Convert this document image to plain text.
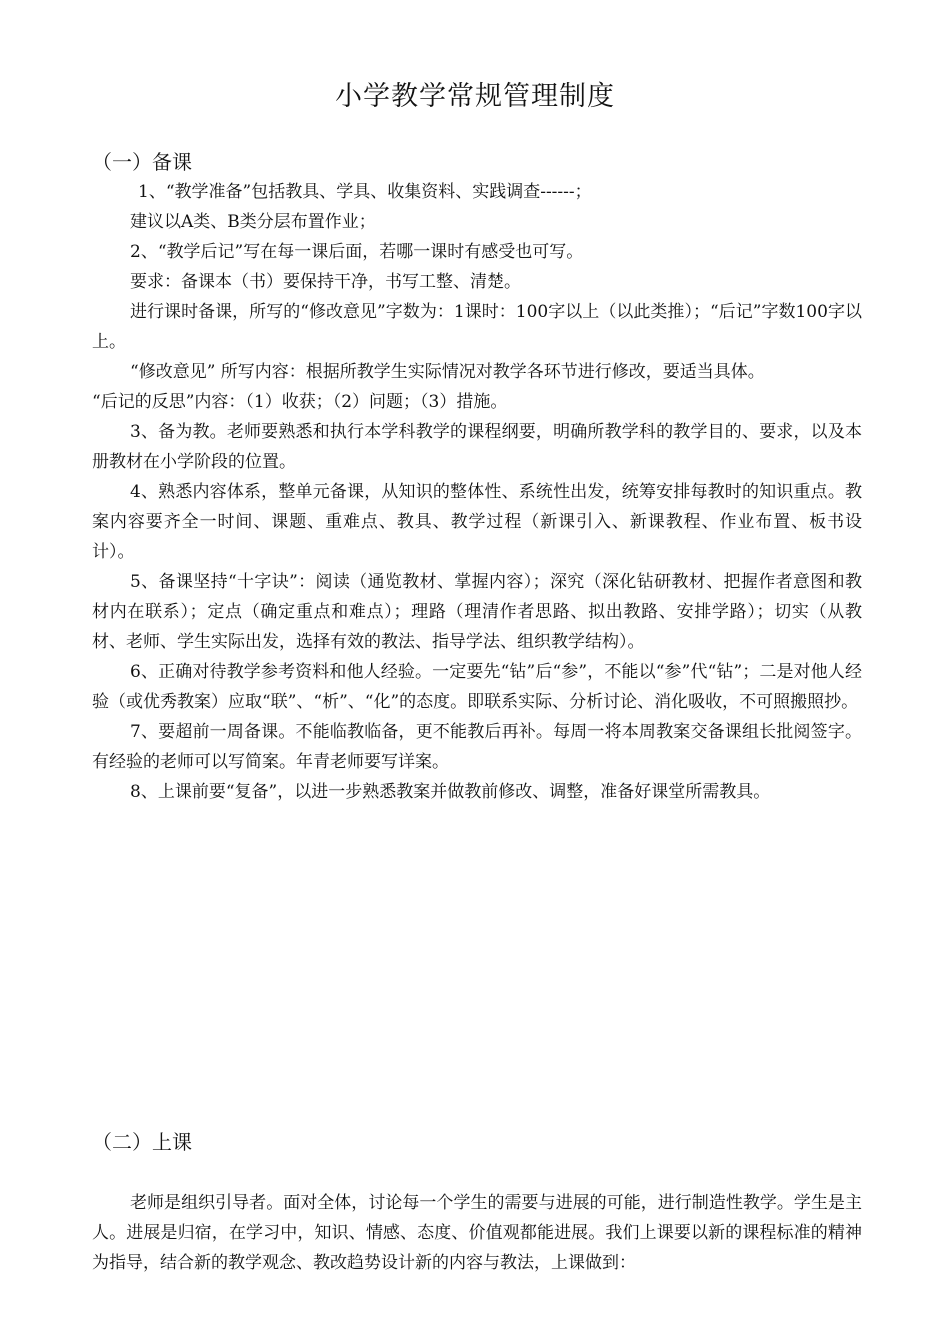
小学教学常规管理制度
（一）备课

1、“教学准备”包括教具、学具、收集资料、实践调查------；

建议以A类、B类分层布置作业；

2、“教学后记”写在每一课后面，若哪一课时有感受也可写。

要求：备课本（书）要保持干净，书写工整、清楚。

进行课时备课，所写的“修改意见”字数为：1课时：100字以上（以此类推）；“后记”字数100字以上。

“修改意见” 所写内容：根据所教学生实际情况对教学各环节进行修改，要适当具体。

“后记的反思”内容：（1）收获；（2）问题；（3）措施。

3、备为教。老师要熟悉和执行本学科教学的课程纲要，明确所教学科的教学目的、要求，以及本册教材在小学阶段的位置。

4、熟悉内容体系，整单元备课，从知识的整体性、系统性出发，统筹安排每教时的知识重点。教案内容要齐全一时间、课题、重难点、教具、教学过程（新课引入、新课教程、作业布置、板书设计）。

5、备课坚持“十字诀”：阅读（通览教材、掌握内容）；深究（深化钻研教材、把握作者意图和教材内在联系）；定点（确定重点和难点）；理路（理清作者思路、拟出教路、安排学路）；切实（从教材、老师、学生实际出发，选择有效的教法、指导学法、组织教学结构）。

6、正确对待教学参考资料和他人经验。一定要先“钻”后“参”，不能以“参”代“钻”；二是对他人经验（或优秀教案）应取“联”、“析”、“化”的态度。即联系实际、分析讨论、消化吸收，不可照搬照抄。

7、要超前一周备课。不能临教临备，更不能教后再补。每周一将本周教案交备课组长批阅签字。有经验的老师可以写简案。年青老师要写详案。

8、上课前要“复备”，以进一步熟悉教案并做教前修改、调整，准备好课堂所需教具。

（二）上课

老师是组织引导者。面对全体，讨论每一个学生的需要与进展的可能，进行制造性教学。学生是主人。进展是归宿，在学习中，知识、情感、态度、价值观都能进展。我们上课要以新的课程标准的精神为指导，结合新的教学观念、教改趋势设计新的内容与教法，上课做到：
